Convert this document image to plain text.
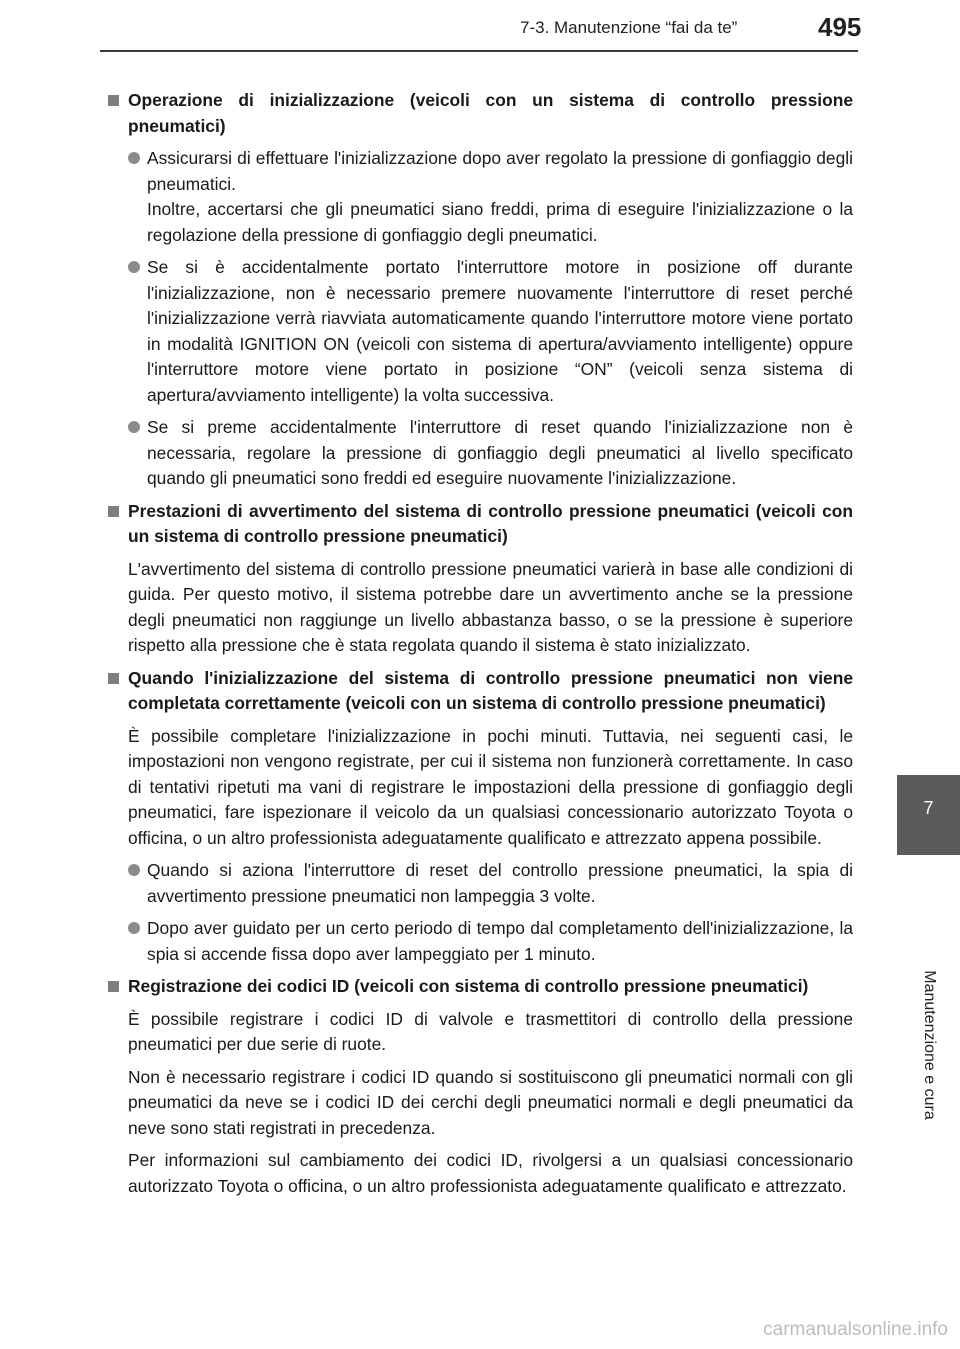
7-3. Manutenzione “fai da te”	495
7
Manutenzione e cura
Operazione di inizializzazione (veicoli con un sistema di controllo pressione pneumatici)
Assicurarsi di effettuare l'inizializzazione dopo aver regolato la pressione di gonfiaggio degli pneumatici.
Inoltre, accertarsi che gli pneumatici siano freddi, prima di eseguire l'inizializzazione o la regolazione della pressione di gonfiaggio degli pneumatici.
Se si è accidentalmente portato l'interruttore motore in posizione off durante l'inizializzazione, non è necessario premere nuovamente l'interruttore di reset perché l'inizializzazione verrà riavviata automaticamente quando l'interruttore motore viene portato in modalità IGNITION ON (veicoli con sistema di apertura/avviamento intelligente) oppure l'interruttore motore viene portato in posizione “ON” (veicoli senza sistema di apertura/avviamento intelligente) la volta successiva.
Se si preme accidentalmente l'interruttore di reset quando l'inizializzazione non è necessaria, regolare la pressione di gonfiaggio degli pneumatici al livello specificato quando gli pneumatici sono freddi ed eseguire nuovamente l'inizializzazione.
Prestazioni di avvertimento del sistema di controllo pressione pneumatici (veicoli con un sistema di controllo pressione pneumatici)
L'avvertimento del sistema di controllo pressione pneumatici varierà in base alle condizioni di guida. Per questo motivo, il sistema potrebbe dare un avvertimento anche se la pressione degli pneumatici non raggiunge un livello abbastanza basso, o se la pressione è superiore rispetto alla pressione che è stata regolata quando il sistema è stato inizializzato.
Quando l'inizializzazione del sistema di controllo pressione pneumatici non viene completata correttamente (veicoli con un sistema di controllo pressione pneumatici)
È possibile completare l'inizializzazione in pochi minuti. Tuttavia, nei seguenti casi, le impostazioni non vengono registrate, per cui il sistema non funzionerà correttamente. In caso di tentativi ripetuti ma vani di registrare le impostazioni della pressione di gonfiaggio degli pneumatici, fare ispezionare il veicolo da un qualsiasi concessionario autorizzato Toyota o officina, o un altro professionista adeguatamente qualificato e attrezzato appena possibile.
Quando si aziona l'interruttore di reset del controllo pressione pneumatici, la spia di avvertimento pressione pneumatici non lampeggia 3 volte.
Dopo aver guidato per un certo periodo di tempo dal completamento dell'inizializzazione, la spia si accende fissa dopo aver lampeggiato per 1 minuto.
Registrazione dei codici ID (veicoli con sistema di controllo pressione pneumatici)
È possibile registrare i codici ID di valvole e trasmettitori di controllo della pressione pneumatici per due serie di ruote.
Non è necessario registrare i codici ID quando si sostituiscono gli pneumatici normali con gli pneumatici da neve se i codici ID dei cerchi degli pneumatici normali e degli pneumatici da neve sono stati registrati in precedenza.
Per informazioni sul cambiamento dei codici ID, rivolgersi a un qualsiasi concessionario autorizzato Toyota o officina, o un altro professionista adeguatamente qualificato e attrezzato.
carmanualsonline.info
